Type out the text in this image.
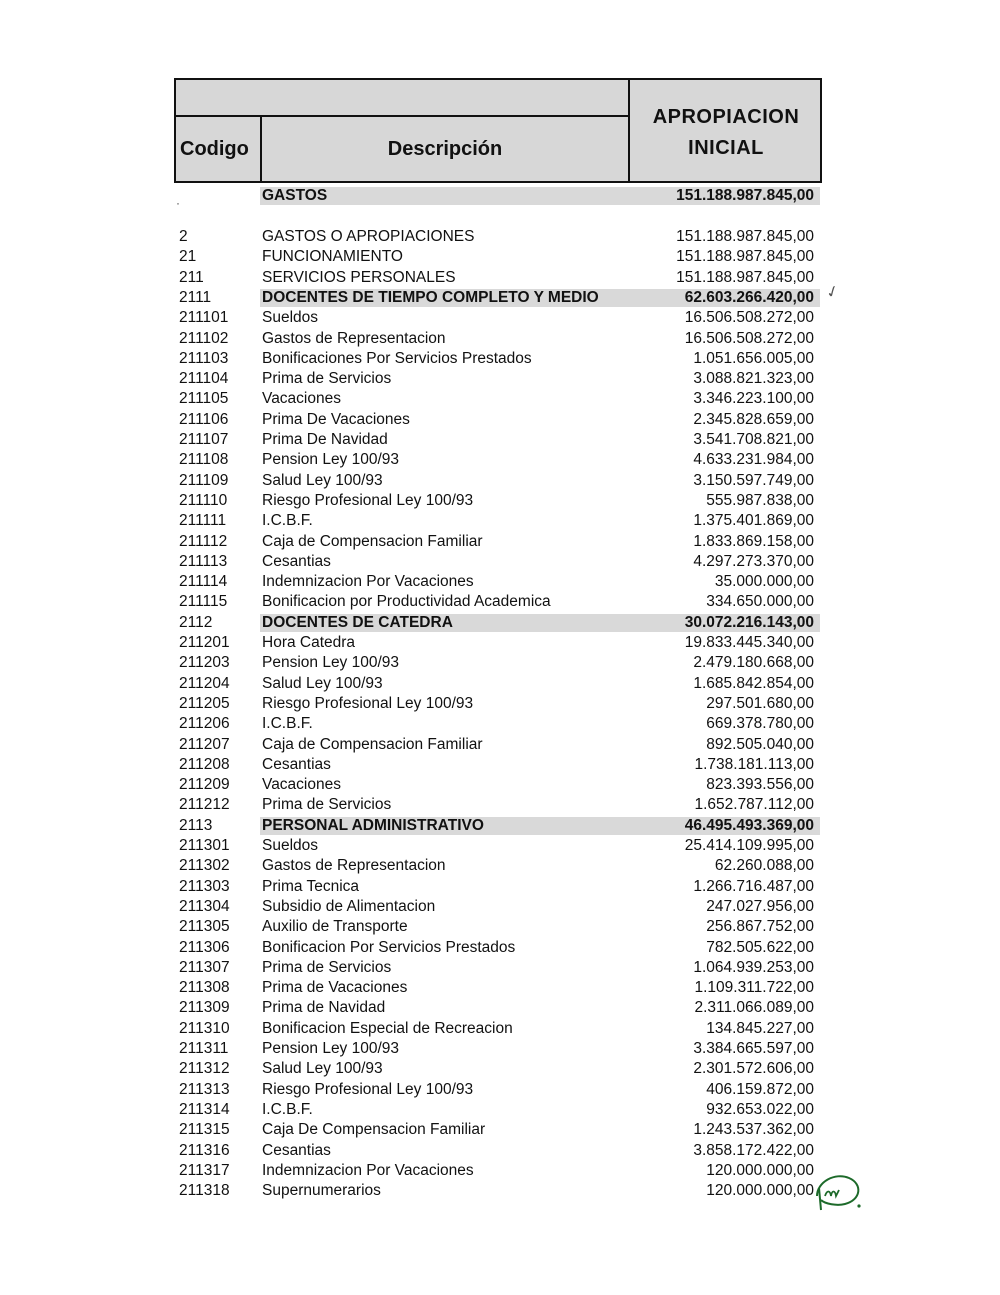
Codigo	Descripción
APROPIACION
INICIAL
GASTOS	151.188.987.845,00
2	GASTOS O APROPIACIONES	151.188.987.845,00
21	FUNCIONAMIENTO	151.188.987.845,00
211	SERVICIOS PERSONALES	151.188.987.845,00
2111	DOCENTES DE TIEMPO COMPLETO Y MEDIO	62.603.266.420,00
211101 Sueldos	16.506.508.272,00
211102 Gastos de Representacion	16.506.508.272,00
211103 Bonificaciones Por Servicios Prestados	1.051.656.005,00
211104 Prima de Servicios	3.088.821.323,00
211105 Vacaciones	3.346.223.100,00
211106 Prima De Vacaciones	2.345.828.659,00
211107 Prima De Navidad	3.541.708.821,00
211108 Pension Ley 100/93	4.633.231.984,00
211109 Salud Ley 100/93	3.150.597.749,00
211110 Riesgo Profesional Ley 100/93	555.987.838,00
211111 I.C.B.F.	1.375.401.869,00
211112 Caja de Compensacion Familiar	1.833.869.158,00
211113 Cesantias	4.297.273.370,00
211114 Indemnizacion Por Vacaciones	35.000.000,00
211115 Bonificacion por Productividad Academica	334.650.000,00
2112	DOCENTES DE CATEDRA	30.072.216.143,00
211201 Hora Catedra	19.833.445.340,00
211203 Pension Ley 100/93	2.479.180.668,00
211204 Salud Ley 100/93	1.685.842.854,00
211205 Riesgo Profesional Ley 100/93	297.501.680,00
211206 I.C.B.F.	669.378.780,00
211207 Caja de Compensacion Familiar	892.505.040,00
211208 Cesantias	1.738.181.113,00
211209 Vacaciones	823.393.556,00
211212 Prima de Servicios	1.652.787.112,00
2113	PERSONAL ADMINISTRATIVO	46.495.493.369,00
211301 Sueldos	25.414.109.995,00
211302 Gastos de Representacion	62.260.088,00
211303 Prima Tecnica	1.266.716.487,00
211304 Subsidio de Alimentacion	247.027.956,00
211305 Auxilio de Transporte	256.867.752,00
211306 Bonificacion Por Servicios Prestados	782.505.622,00
211307 Prima de Servicios	1.064.939.253,00
211308 Prima de Vacaciones	1.109.311.722,00
211309 Prima de Navidad	2.311.066.089,00
211310 Bonificacion Especial de Recreacion	134.845.227,00
211311 Pension Ley 100/93	3.384.665.597,00
211312 Salud Ley 100/93	2.301.572.606,00
211313 Riesgo Profesional Ley 100/93	406.159.872,00
211314 I.C.B.F.	932.653.022,00
211315 Caja De Compensacion Familiar	1.243.537.362,00
211316 Cesantias	3.858.172.422,00
211317 Indemnizacion Por Vacaciones	120.000.000,00
211318 Supernumerarios	120.000.000,00
·
✓
